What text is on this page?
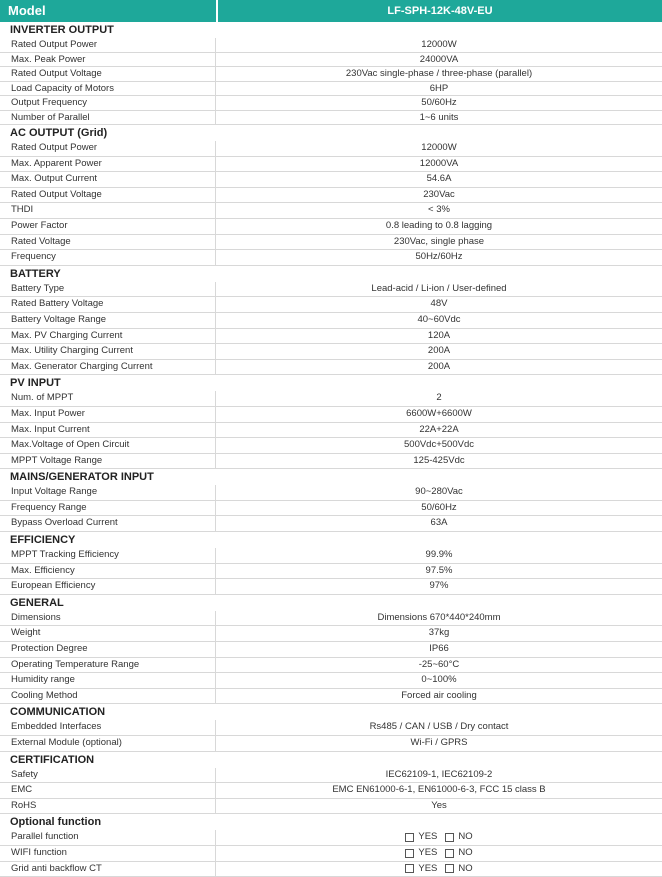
Model	LF-SPH-12K-48V-EU
INVERTER OUTPUT
Rated Output Power	12000W
Max. Peak Power	24000VA
Rated Output Voltage	230Vac single-phase / three-phase (parallel)
Load Capacity of Motors	6HP
Output Frequency	50/60Hz
Number of Parallel	1~6 units
AC OUTPUT (Grid)
Rated Output Power	12000W
Max. Apparent Power	12000VA
Max. Output Current	54.6A
Rated Output Voltage	230Vac
THDI	< 3%
Power Factor	0.8 leading to 0.8 lagging
Rated Voltage	230Vac, single phase
Frequency	50Hz/60Hz
BATTERY
Battery Type	Lead-acid / Li-ion / User-defined
Rated Battery Voltage	48V
Battery Voltage Range	40~60Vdc
Max. PV Charging Current	120A
Max. Utility Charging Current	200A
Max. Generator Charging Current	200A
PV INPUT
Num. of MPPT	2
Max. Input Power	6600W+6600W
Max. Input Current	22A+22A
Max.Voltage of Open Circuit	500Vdc+500Vdc
MPPT Voltage Range	125-425Vdc
MAINS/GENERATOR INPUT
Input Voltage Range	90~280Vac
Frequency Range	50/60Hz
Bypass Overload Current	63A
EFFICIENCY
MPPT Tracking Efficiency	99.9%
Max. Efficiency	97.5%
European Efficiency	97%
GENERAL
Dimensions	Dimensions 670*440*240mm
Weight	37kg
Protection Degree	IP66
Operating Temperature Range	-25~60°C
Humidity range	0~100%
Cooling Method	Forced air cooling
COMMUNICATION
Embedded Interfaces	Rs485 / CAN / USB / Dry contact
External Module (optional)	Wi-Fi / GPRS
CERTIFICATION
Safety	IEC62109-1, IEC62109-2
EMC	EMC EN61000-6-1, EN61000-6-3, FCC 15 class B
RoHS	Yes
Optional function
Parallel function	YES NO
WIFI function	YES NO
Grid anti backflow CT	YES NO
